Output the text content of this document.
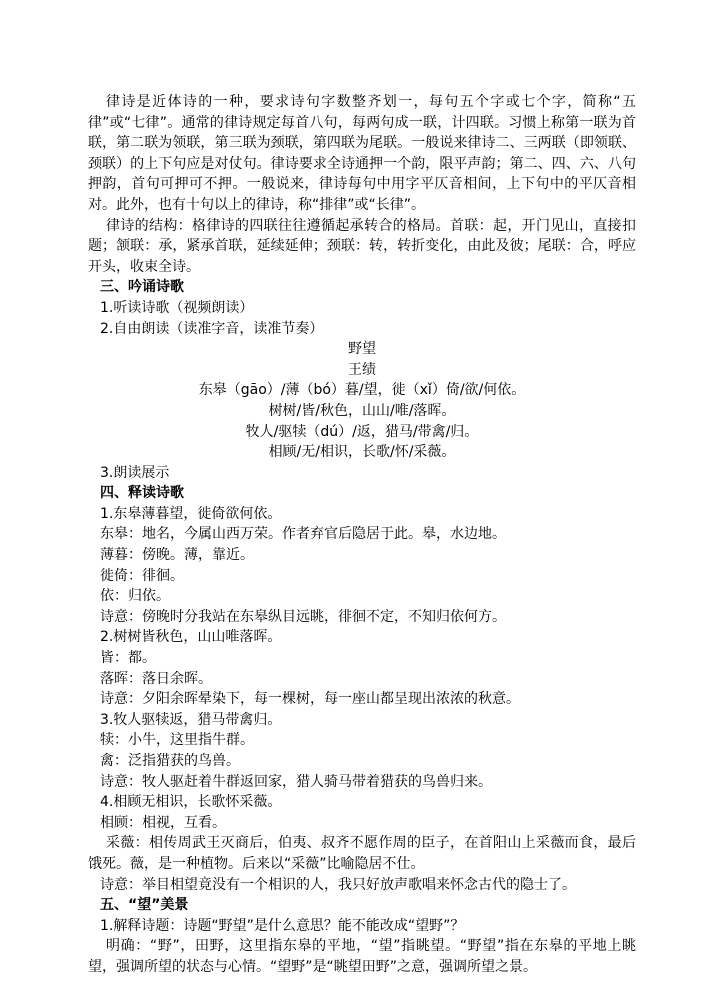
律诗是近体诗的一种，要求诗句字数整齐划一，每句五个字或七个字，简称“五律”或“七律”。通常的律诗规定每首八句，每两句成一联，计四联。习惯上称第一联为首联，第二联为领联，第三联为颈联，第四联为尾联。一般说来律诗二、三两联（即领联、颈联）的上下句应是对仗句。律诗要求全诗通押一个韵，限平声韵；第二、四、六、八句押韵，首句可押可不押。一般说来，律诗每句中用字平仄音相间，上下句中的平仄音相对。此外，也有十句以上的律诗，称“排律”或“长律”。

律诗的结构：格律诗的四联往往遵循起承转合的格局。首联：起，开门见山，直接扣题；颔联：承，紧承首联，延续延伸；颈联：转，转折变化，由此及彼；尾联：合，呼应开头，收束全诗。

三、吟诵诗歌

1.听读诗歌（视频朗读）

2.自由朗读（读准字音，读准节奏）

野望

王绩

东皋（gāo）/薄（bó）暮/望，徙（xǐ）倚/欲/何依。

树树/皆/秋色，山山/唯/落晖。

牧人/驱犊（dú）/返，猎马/带禽/归。

相顾/无/相识，长歌/怀/采薇。

3.朗读展示

四、释读诗歌

1.东皋薄暮望，徙倚欲何依。

东皋：地名，今属山西万荣。作者弃官后隐居于此。皋，水边地。

薄暮：傍晚。薄，靠近。

徙倚：徘徊。

依：归依。

诗意：傍晚时分我站在东皋纵目远眺，徘徊不定，不知归依何方。

2.树树皆秋色，山山唯落晖。

皆：都。

落晖：落日余晖。

诗意：夕阳余晖晕染下，每一棵树，每一座山都呈现出浓浓的秋意。

3.牧人驱犊返，猎马带禽归。

犊：小牛，这里指牛群。

禽：泛指猎获的鸟兽。

诗意：牧人驱赶着牛群返回家，猎人骑马带着猎获的鸟兽归来。

4.相顾无相识，长歌怀采薇。

相顾：相视，互看。

采薇：相传周武王灭商后，伯夷、叔齐不愿作周的臣子，在首阳山上采薇而食，最后饿死。薇，是一种植物。后来以“采薇”比喻隐居不仕。

诗意：举目相望竟没有一个相识的人，我只好放声歌唱来怀念古代的隐士了。

五、“望”美景

1.解释诗题：诗题“野望”是什么意思？能不能改成“望野”？

明确：“野”，田野，这里指东皋的平地，“望”指眺望。“野望”指在东皋的平地上眺望，强调所望的状态与心情。“望野”是“眺望田野”之意，强调所望之景。
